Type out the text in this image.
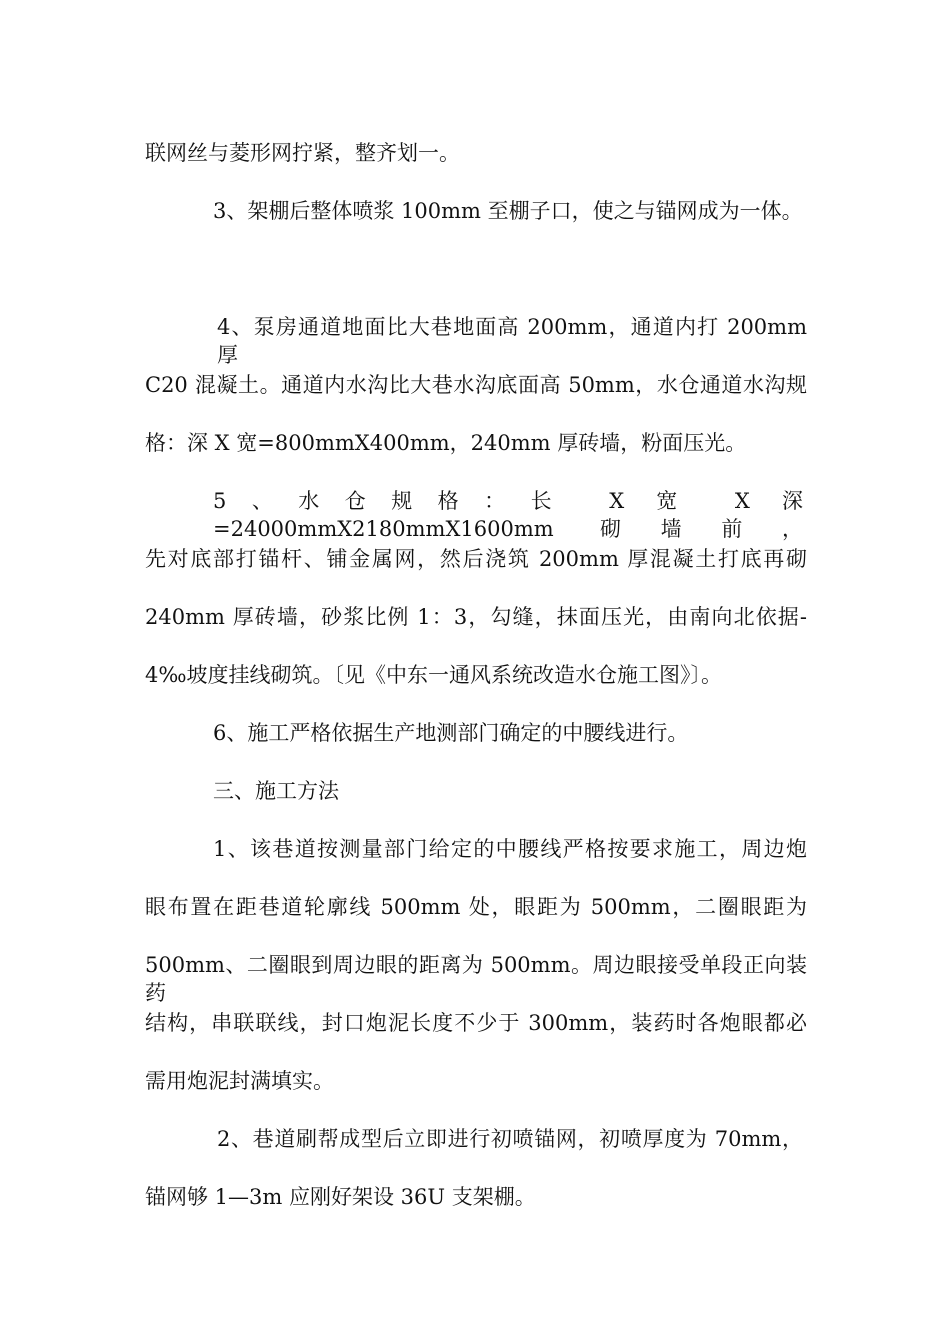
联网丝与菱形网拧紧，整齐划一。
3、架棚后整体喷浆 100mm 至棚子口，使之与锚网成为一体。
4、泵房通道地面比大巷地面高 200mm，通道内打 200mm 厚
C20 混凝土。通道内水沟比大巷水沟底面高 50mm，水仓通道水沟规
格：深 X 宽=800mmX400mm，240mm 厚砖墙，粉面压光。
5、水仓规格：长 X 宽 X 深=24000mmX2180mmX1600mm 砌墙前，
先对底部打锚杆、铺金属网，然后浇筑 200mm 厚混凝土打底再砌
240mm 厚砖墙，砂浆比例 1：3，勾缝，抹面压光，由南向北依据-
4‰坡度挂线砌筑。〔见《中东一通风系统改造水仓施工图》〕。
6、施工严格依据生产地测部门确定的中腰线进行。
三、施工方法
1、该巷道按测量部门给定的中腰线严格按要求施工，周边炮
眼布置在距巷道轮廓线 500mm 处，眼距为 500mm，二圈眼距为
500mm、二圈眼到周边眼的距离为 500mm。周边眼接受单段正向装药
结构，串联联线，封口炮泥长度不少于 300mm，装药时各炮眼都必
需用炮泥封满填实。
2、巷道刷帮成型后立即进行初喷锚网，初喷厚度为 70mm，
锚网够 1—3m 应刚好架设 36U 支架棚。
